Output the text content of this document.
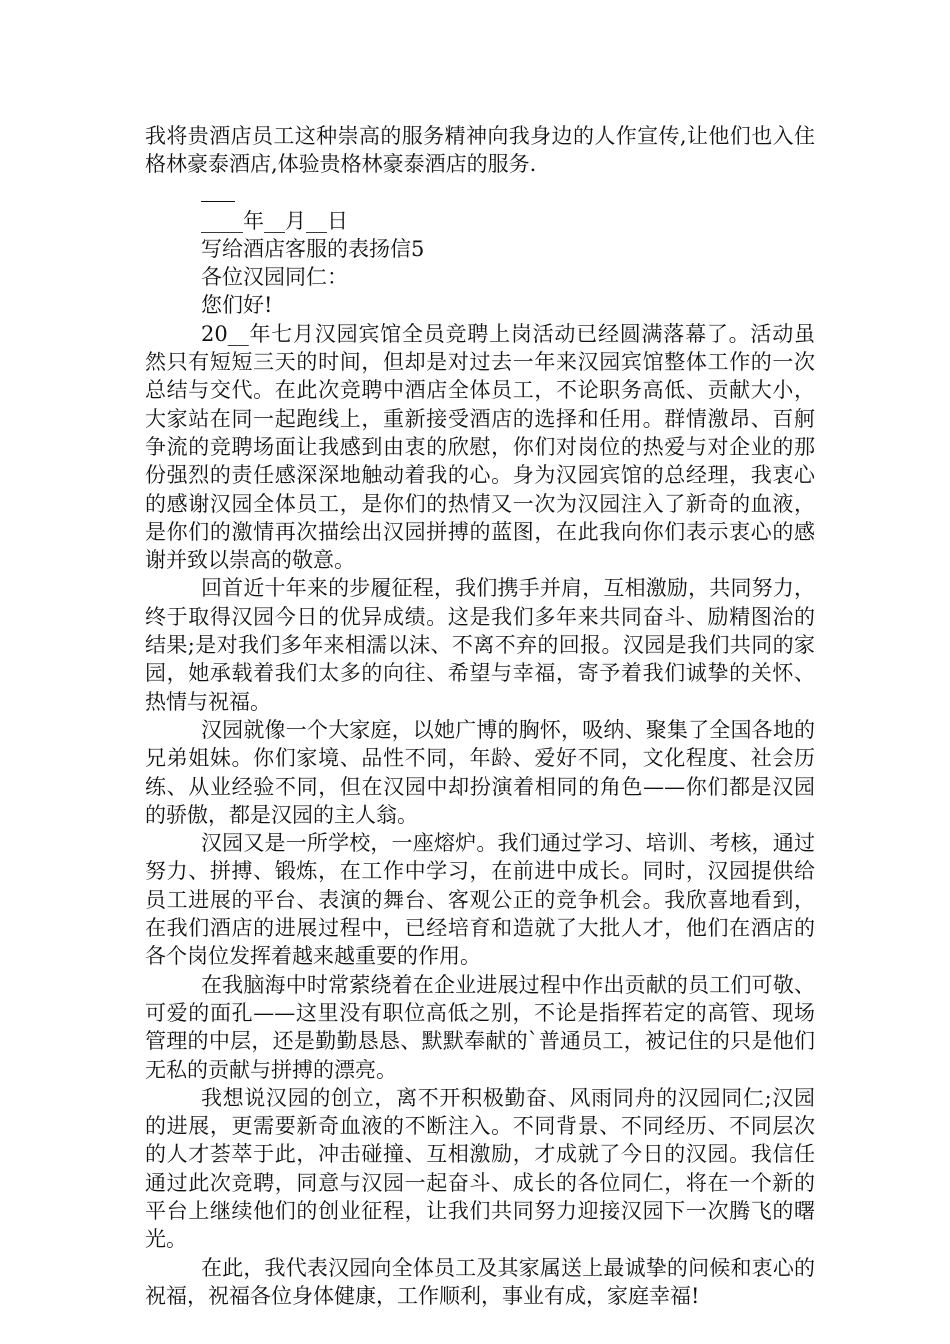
我将贵酒店员工这种崇高的服务精神向我身边的人作宣传,让他们也入住格林豪泰酒店,体验贵格林豪泰酒店的服务.

____年__月__日

写给酒店客服的表扬信5

各位汉园同仁：

您们好!

20__年七月汉园宾馆全员竞聘上岗活动已经圆满落幕了。活动虽然只有短短三天的时间，但却是对过去一年来汉园宾馆整体工作的一次总结与交代。在此次竞聘中酒店全体员工，不论职务高低、贡献大小，大家站在同一起跑线上，重新接受酒店的选择和任用。群情激昂、百舸争流的竞聘场面让我感到由衷的欣慰，你们对岗位的热爱与对企业的那份强烈的责任感深深地触动着我的心。身为汉园宾馆的总经理，我衷心的感谢汉园全体员工，是你们的热情又一次为汉园注入了新奇的血液，是你们的激情再次描绘出汉园拼搏的蓝图，在此我向你们表示衷心的感谢并致以崇高的敬意。

回首近十年来的步履征程，我们携手并肩，互相激励，共同努力，终于取得汉园今日的优异成绩。这是我们多年来共同奋斗、励精图治的结果;是对我们多年来相濡以沫、不离不弃的回报。汉园是我们共同的家园，她承载着我们太多的向往、希望与幸福，寄予着我们诚挚的关怀、热情与祝福。

汉园就像一个大家庭，以她广博的胸怀，吸纳、聚集了全国各地的兄弟姐妹。你们家境、品性不同，年龄、爱好不同，文化程度、社会历练、从业经验不同，但在汉园中却扮演着相同的角色——你们都是汉园的骄傲，都是汉园的主人翁。

汉园又是一所学校，一座熔炉。我们通过学习、培训、考核，通过努力、拼搏、锻炼，在工作中学习，在前进中成长。同时，汉园提供给员工进展的平台、表演的舞台、客观公正的竞争机会。我欣喜地看到，在我们酒店的进展过程中，已经培育和造就了大批人才，他们在酒店的各个岗位发挥着越来越重要的作用。

在我脑海中时常萦绕着在企业进展过程中作出贡献的员工们可敬、可爱的面孔——这里没有职位高低之别，不论是指挥若定的高管、现场管理的中层，还是勤勤恳恳、默默奉献的`普通员工，被记住的只是他们无私的贡献与拼搏的漂亮。

我想说汉园的创立，离不开积极勤奋、风雨同舟的汉园同仁;汉园的进展，更需要新奇血液的不断注入。不同背景、不同经历、不同层次的人才荟萃于此，冲击碰撞、互相激励，才成就了今日的汉园。我信任通过此次竞聘，同意与汉园一起奋斗、成长的各位同仁，将在一个新的平台上继续他们的创业征程，让我们共同努力迎接汉园下一次腾飞的曙光。

在此，我代表汉园向全体员工及其家属送上最诚挚的问候和衷心的祝福，祝福各位身体健康，工作顺利，事业有成，家庭幸福!
